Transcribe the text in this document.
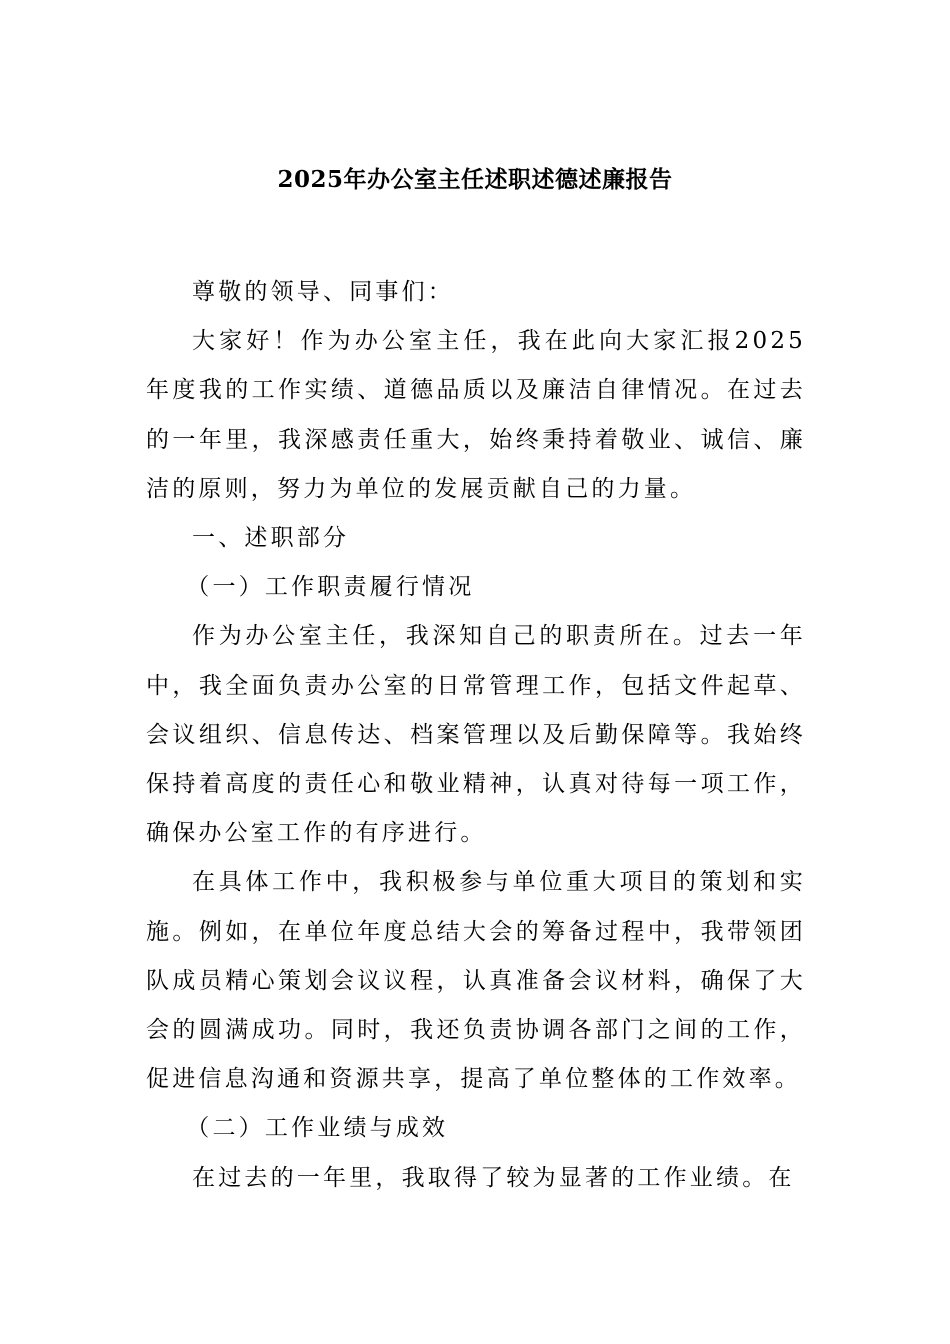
2025年办公室主任述职述德述廉报告

尊敬的领导、同事们：

大家好！作为办公室主任，我在此向大家汇报2025年度我的工作实绩、道德品质以及廉洁自律情况。在过去的一年里，我深感责任重大，始终秉持着敬业、诚信、廉洁的原则，努力为单位的发展贡献自己的力量。

一、述职部分

（一）工作职责履行情况

作为办公室主任，我深知自己的职责所在。过去一年中，我全面负责办公室的日常管理工作，包括文件起草、会议组织、信息传达、档案管理以及后勤保障等。我始终保持着高度的责任心和敬业精神，认真对待每一项工作，确保办公室工作的有序进行。

在具体工作中，我积极参与单位重大项目的策划和实施。例如，在单位年度总结大会的筹备过程中，我带领团队成员精心策划会议议程，认真准备会议材料，确保了大会的圆满成功。同时，我还负责协调各部门之间的工作，促进信息沟通和资源共享，提高了单位整体的工作效率。

（二）工作业绩与成效

在过去的一年里，我取得了较为显著的工作业绩。在
